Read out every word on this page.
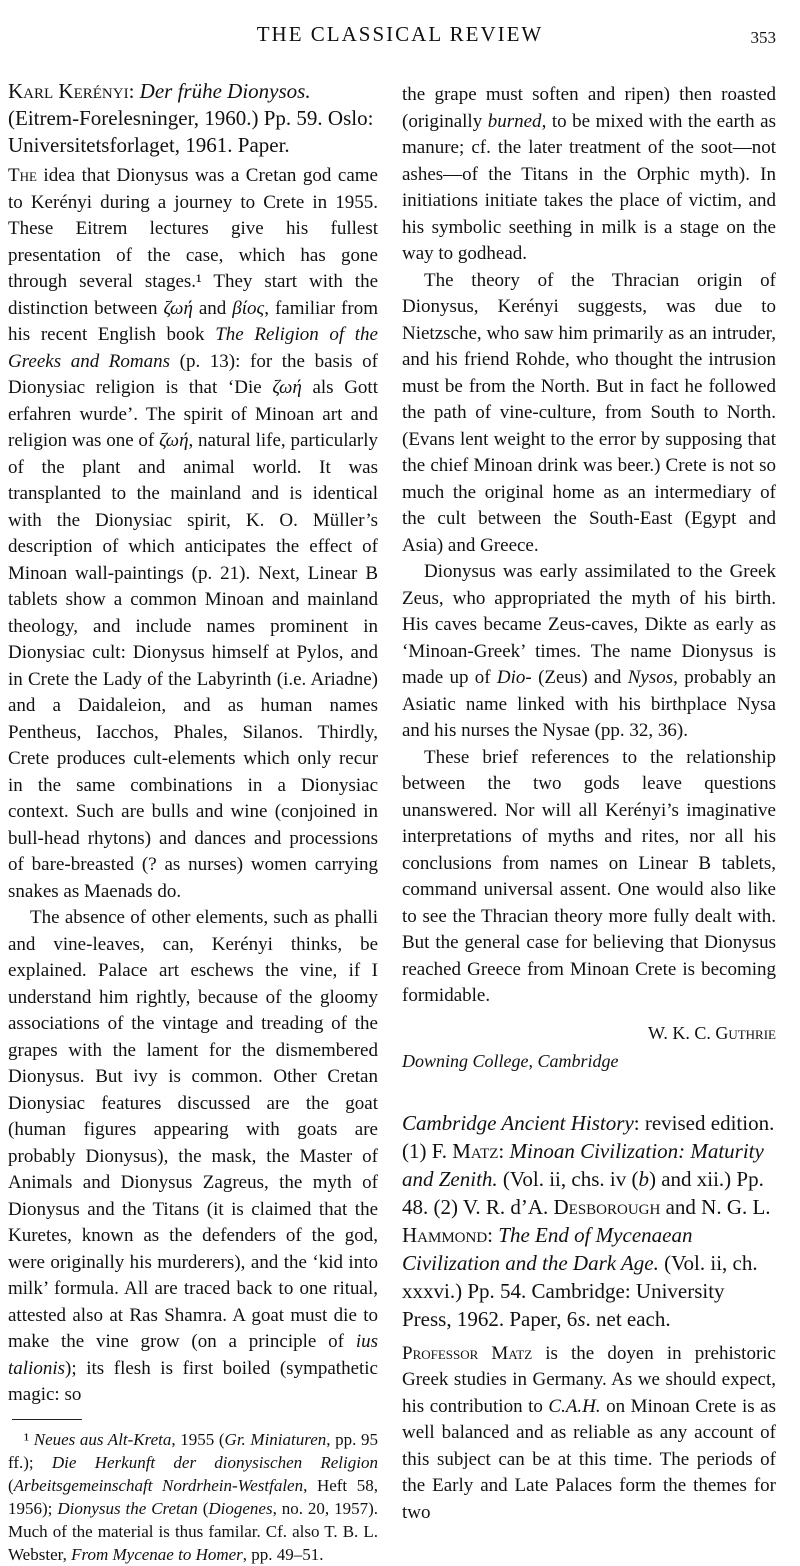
THE CLASSICAL REVIEW	353
Karl Kerényi: Der frühe Dionysos. (Eitrem-Forelesninger, 1960.) Pp. 59. Oslo: Universitetsforlaget, 1961. Paper.

The idea that Dionysus was a Cretan god came to Kerényi during a journey to Crete in 1955. These Eitrem lectures give his fullest presentation of the case, which has gone through several stages.¹ They start with the distinction between ζωή and βίος, familiar from his recent English book The Religion of the Greeks and Romans (p. 13): for the basis of Dionysiac religion is that ‘Die ζωή als Gott erfahren wurde’. The spirit of Minoan art and religion was one of ζωή, natural life, particularly of the plant and animal world. It was transplanted to the mainland and is identical with the Dionysiac spirit, K. O. Müller’s description of which anticipates the effect of Minoan wall-paintings (p. 21). Next, Linear B tablets show a common Minoan and mainland theology, and include names prominent in Dionysiac cult: Dionysus himself at Pylos, and in Crete the Lady of the Labyrinth (i.e. Ariadne) and a Daidaleion, and as human names Pentheus, Iacchos, Phales, Silanos. Thirdly, Crete produces cult-elements which only recur in the same combinations in a Dionysiac context. Such are bulls and wine (conjoined in bull-head rhytons) and dances and processions of bare-breasted (? as nurses) women carrying snakes as Maenads do.

The absence of other elements, such as phalli and vine-leaves, can, Kerényi thinks, be explained. Palace art eschews the vine, if I understand him rightly, because of the gloomy associations of the vintage and treading of the grapes with the lament for the dismembered Dionysus. But ivy is common. Other Cretan Dionysiac features discussed are the goat (human figures appearing with goats are probably Dionysus), the mask, the Master of Animals and Dionysus Zagreus, the myth of Dionysus and the Titans (it is claimed that the Kuretes, known as the defenders of the god, were originally his murderers), and the ‘kid into milk’ formula. All are traced back to one ritual, attested also at Ras Shamra. A goat must die to make the vine grow (on a principle of ius talionis); its flesh is first boiled (sympathetic magic: so

¹ Neues aus Alt-Kreta, 1955 (Gr. Miniaturen, pp. 95 ff.); Die Herkunft der dionysischen Religion (Arbeitsgemeinschaft Nordrhein-Westfalen, Heft 58, 1956); Dionysus the Cretan (Diogenes, no. 20, 1957). Much of the material is thus familar. Cf. also T. B. L. Webster, From Mycenae to Homer, pp. 49–51.

the grape must soften and ripen) then roasted (originally burned, to be mixed with the earth as manure; cf. the later treatment of the soot—not ashes—of the Titans in the Orphic myth). In initiations initiate takes the place of victim, and his symbolic seething in milk is a stage on the way to godhead.

The theory of the Thracian origin of Dionysus, Kerényi suggests, was due to Nietzsche, who saw him primarily as an intruder, and his friend Rohde, who thought the intrusion must be from the North. But in fact he followed the path of vine-culture, from South to North. (Evans lent weight to the error by supposing that the chief Minoan drink was beer.) Crete is not so much the original home as an intermediary of the cult between the South-East (Egypt and Asia) and Greece.

Dionysus was early assimilated to the Greek Zeus, who appropriated the myth of his birth. His caves became Zeus-caves, Dikte as early as ‘Minoan-Greek’ times. The name Dionysus is made up of Dio- (Zeus) and Nysos, probably an Asiatic name linked with his birthplace Nysa and his nurses the Nysae (pp. 32, 36).

These brief references to the relationship between the two gods leave questions unanswered. Nor will all Kerényi’s imaginative interpretations of myths and rites, nor all his conclusions from names on Linear B tablets, command universal assent. One would also like to see the Thracian theory more fully dealt with. But the general case for believing that Dionysus reached Greece from Minoan Crete is becoming formidable.

W. K. C. Guthrie
Downing College, Cambridge
Cambridge Ancient History: revised edition. (1) F. Matz: Minoan Civilization: Maturity and Zenith. (Vol. ii, chs. iv (b) and xii.) Pp. 48. (2) V. R. d’A. Desborough and N. G. L. Hammond: The End of Mycenaean Civilization and the Dark Age. (Vol. ii, ch. xxxvi.) Pp. 54. Cambridge: University Press, 1962. Paper, 6s. net each.

Professor Matz is the doyen in prehistoric Greek studies in Germany. As we should expect, his contribution to C.A.H. on Minoan Crete is as well balanced and as reliable as any account of this subject can be at this time. The periods of the Early and Late Palaces form the themes for two
